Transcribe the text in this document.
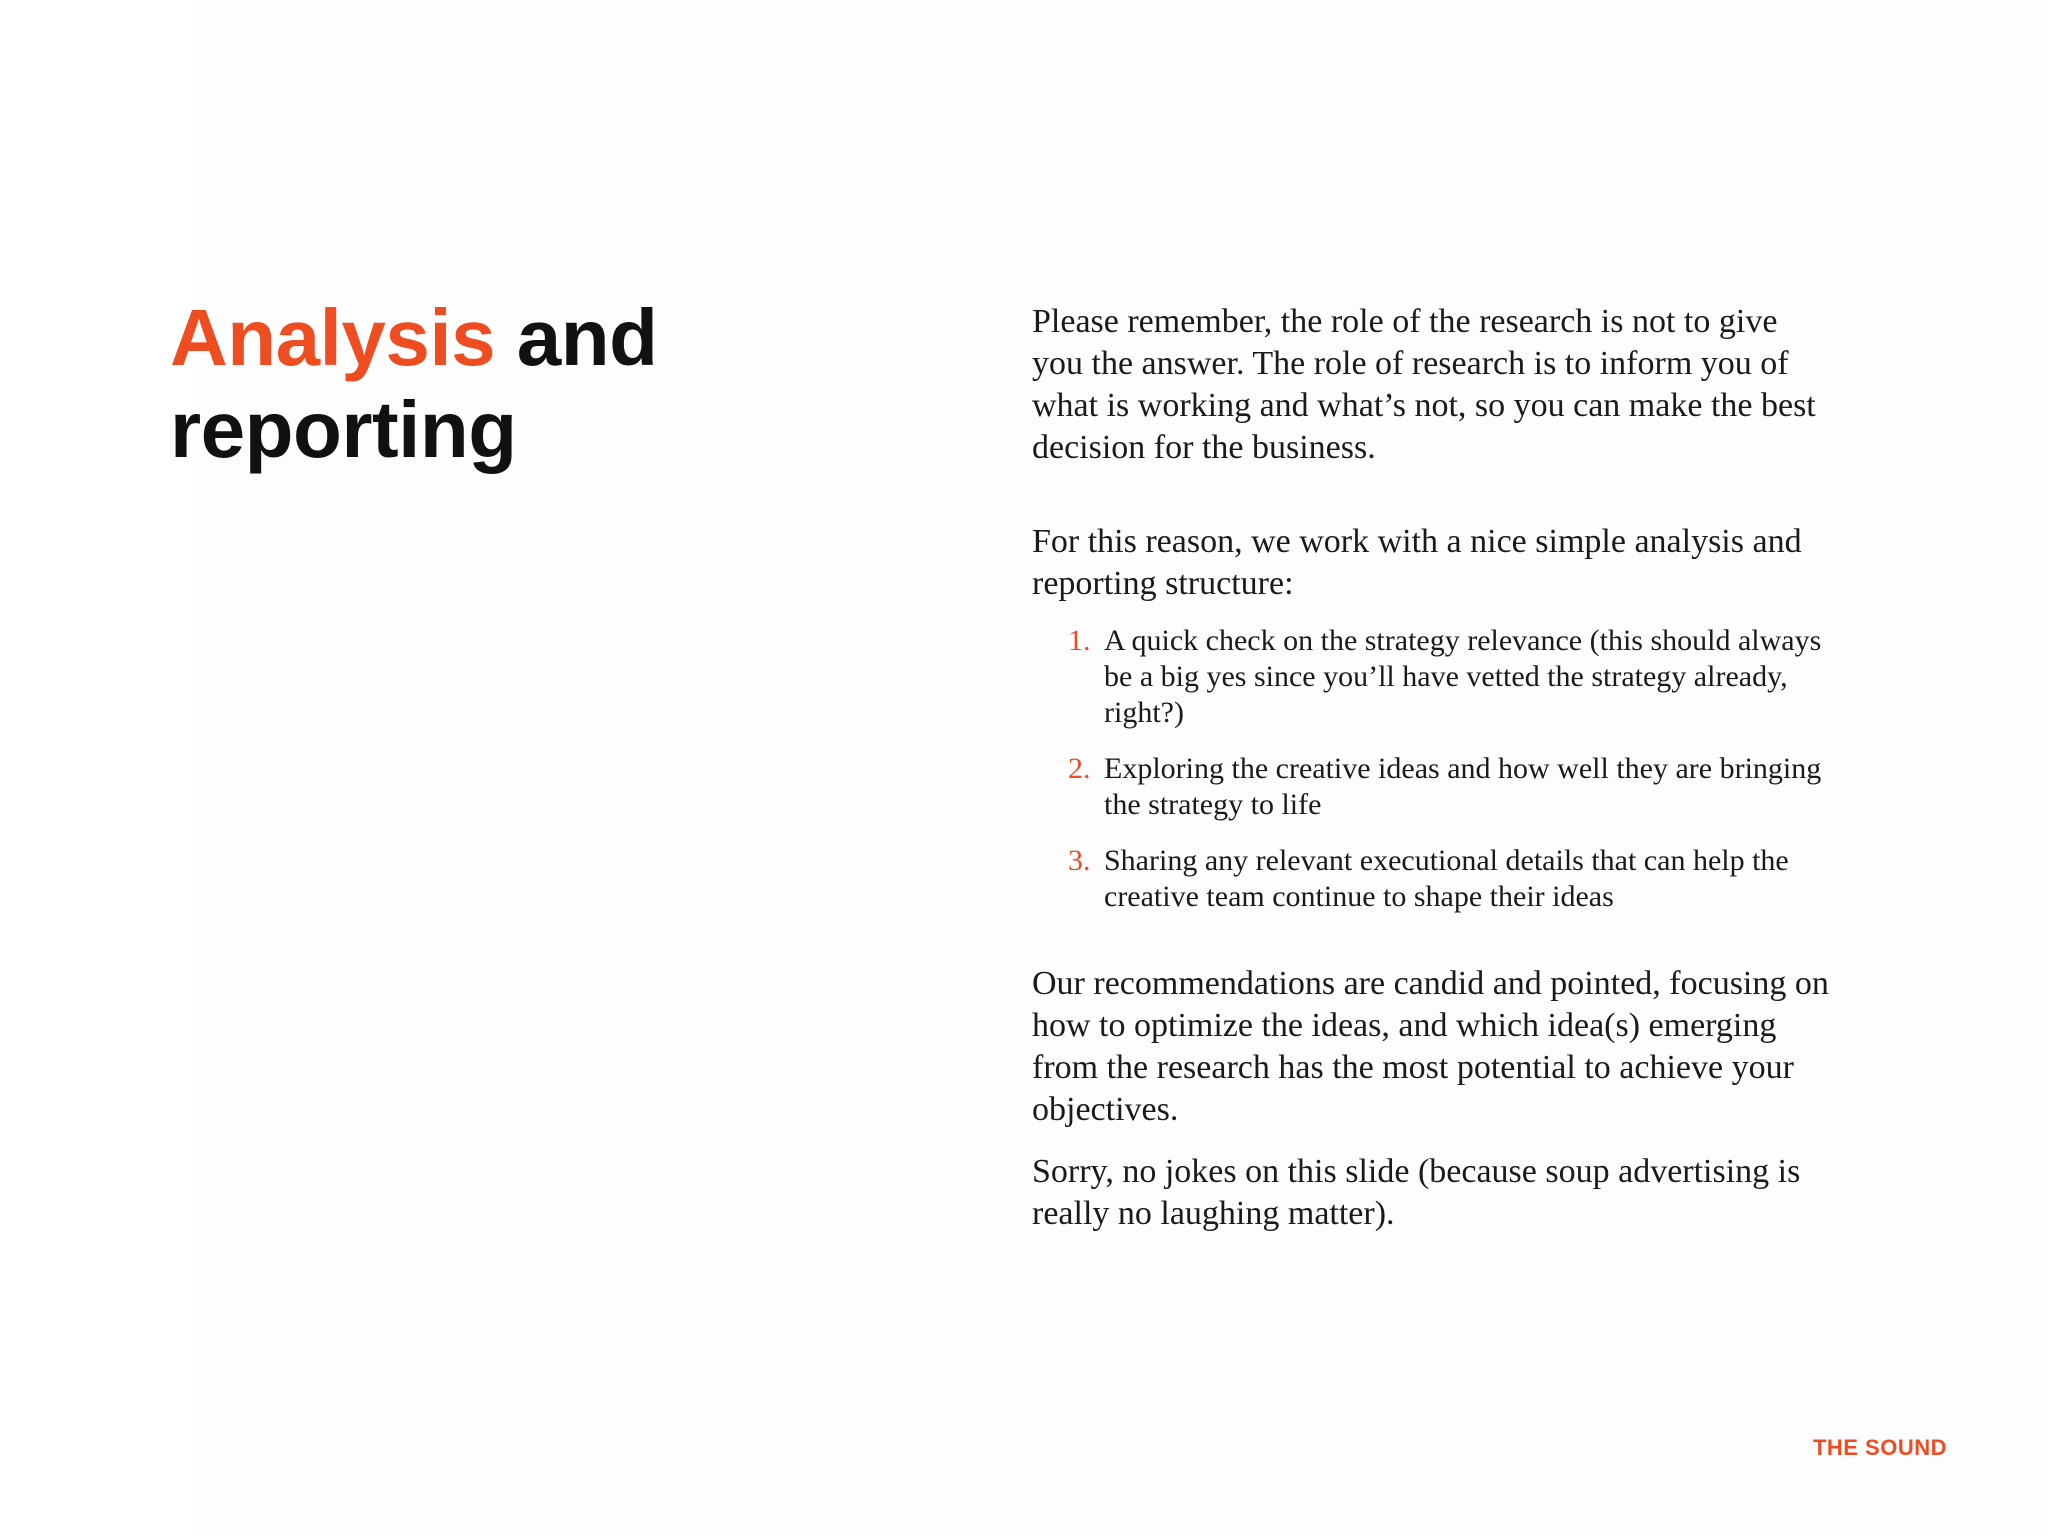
Analysis and
reporting

Please remember, the role of the research is not to give you the answer. The role of research is to inform you of what is working and what’s not, so you can make the best decision for the business.

For this reason, we work with a nice simple analysis and reporting structure:

1. A quick check on the strategy relevance (this should always be a big yes since you’ll have vetted the strategy already, right?)
2. Exploring the creative ideas and how well they are bringing the strategy to life
3. Sharing any relevant executional details that can help the creative team continue to shape their ideas

Our recommendations are candid and pointed, focusing on how to optimize the ideas, and which idea(s) emerging from the research has the most potential to achieve your objectives.

Sorry, no jokes on this slide (because soup advertising is really no laughing matter).

THE SOUND
